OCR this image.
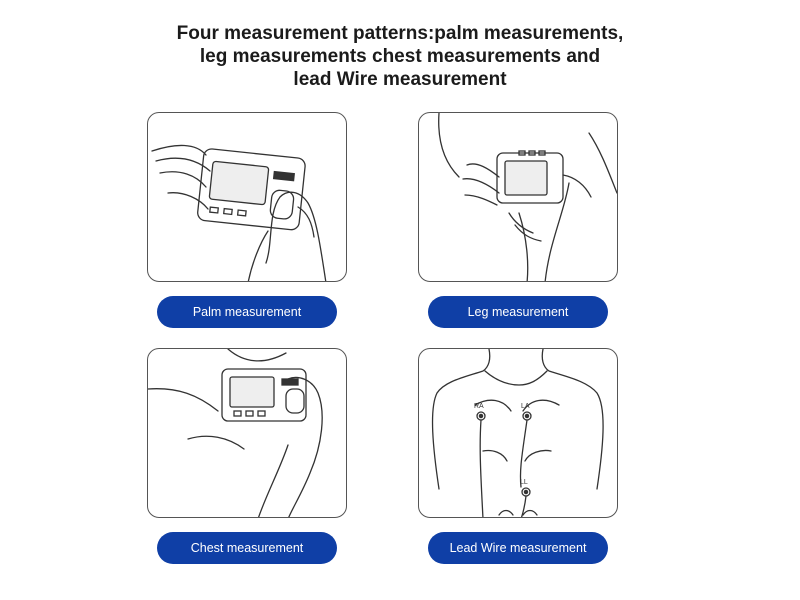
Four measurement patterns:palm measurements,
leg measurements chest measurements and
lead Wire measurement
RA	LA
LL
Palm measurement	Leg measurement
Chest measurement	Lead Wire measurement
